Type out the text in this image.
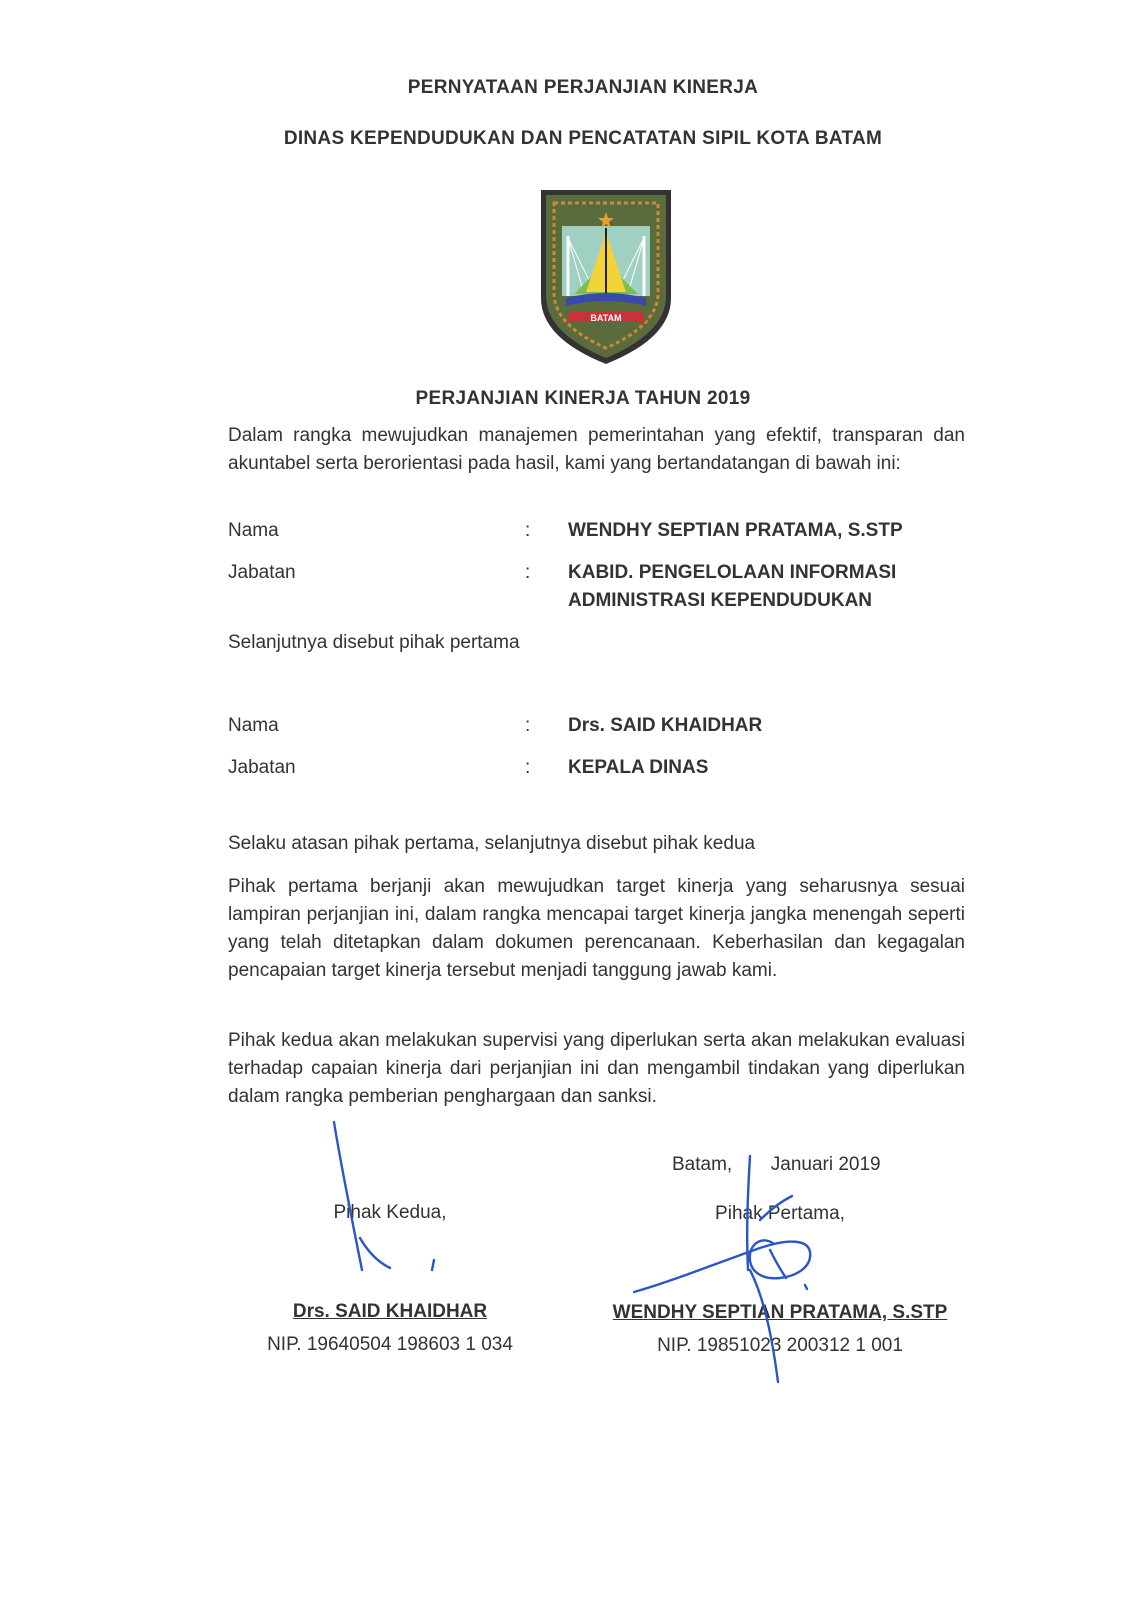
PERNYATAAN PERJANJIAN KINERJA
DINAS KEPENDUDUKAN DAN PENCATATAN SIPIL KOTA BATAM
BATAM
PERJANJIAN KINERJA TAHUN 2019
Dalam rangka mewujudkan manajemen pemerintahan yang efektif, transparan dan akuntabel serta berorientasi pada hasil, kami yang bertandatangan di bawah ini:
Nama	: WENDHY SEPTIAN PRATAMA, S.STP
Jabatan	: KABID. PENGELOLAAN INFORMASI
ADMINISTRASI KEPENDUDUKAN
Selanjutnya disebut pihak pertama
Nama	: Drs. SAID KHAIDHAR
Jabatan	: KEPALA DINAS
Selaku atasan pihak pertama, selanjutnya disebut pihak kedua
Pihak pertama berjanji akan mewujudkan target kinerja yang seharusnya sesuai lampiran perjanjian ini, dalam rangka mencapai target kinerja jangka menengah seperti yang telah ditetapkan dalam dokumen perencanaan. Keberhasilan dan kegagalan pencapaian target kinerja tersebut menjadi tanggung jawab kami.
Pihak kedua akan melakukan supervisi yang diperlukan serta akan melakukan evaluasi terhadap capaian kinerja dari perjanjian ini dan mengambil tindakan yang diperlukan dalam rangka pemberian penghargaan dan sanksi.
Batam, Januari 2019
Pihak Kedua,
Drs. SAID KHAIDHAR
NIP. 19640504 198603 1 034
Pihak Pertama,
WENDHY SEPTIAN PRATAMA, S.STP
NIP. 19851023 200312 1 001
